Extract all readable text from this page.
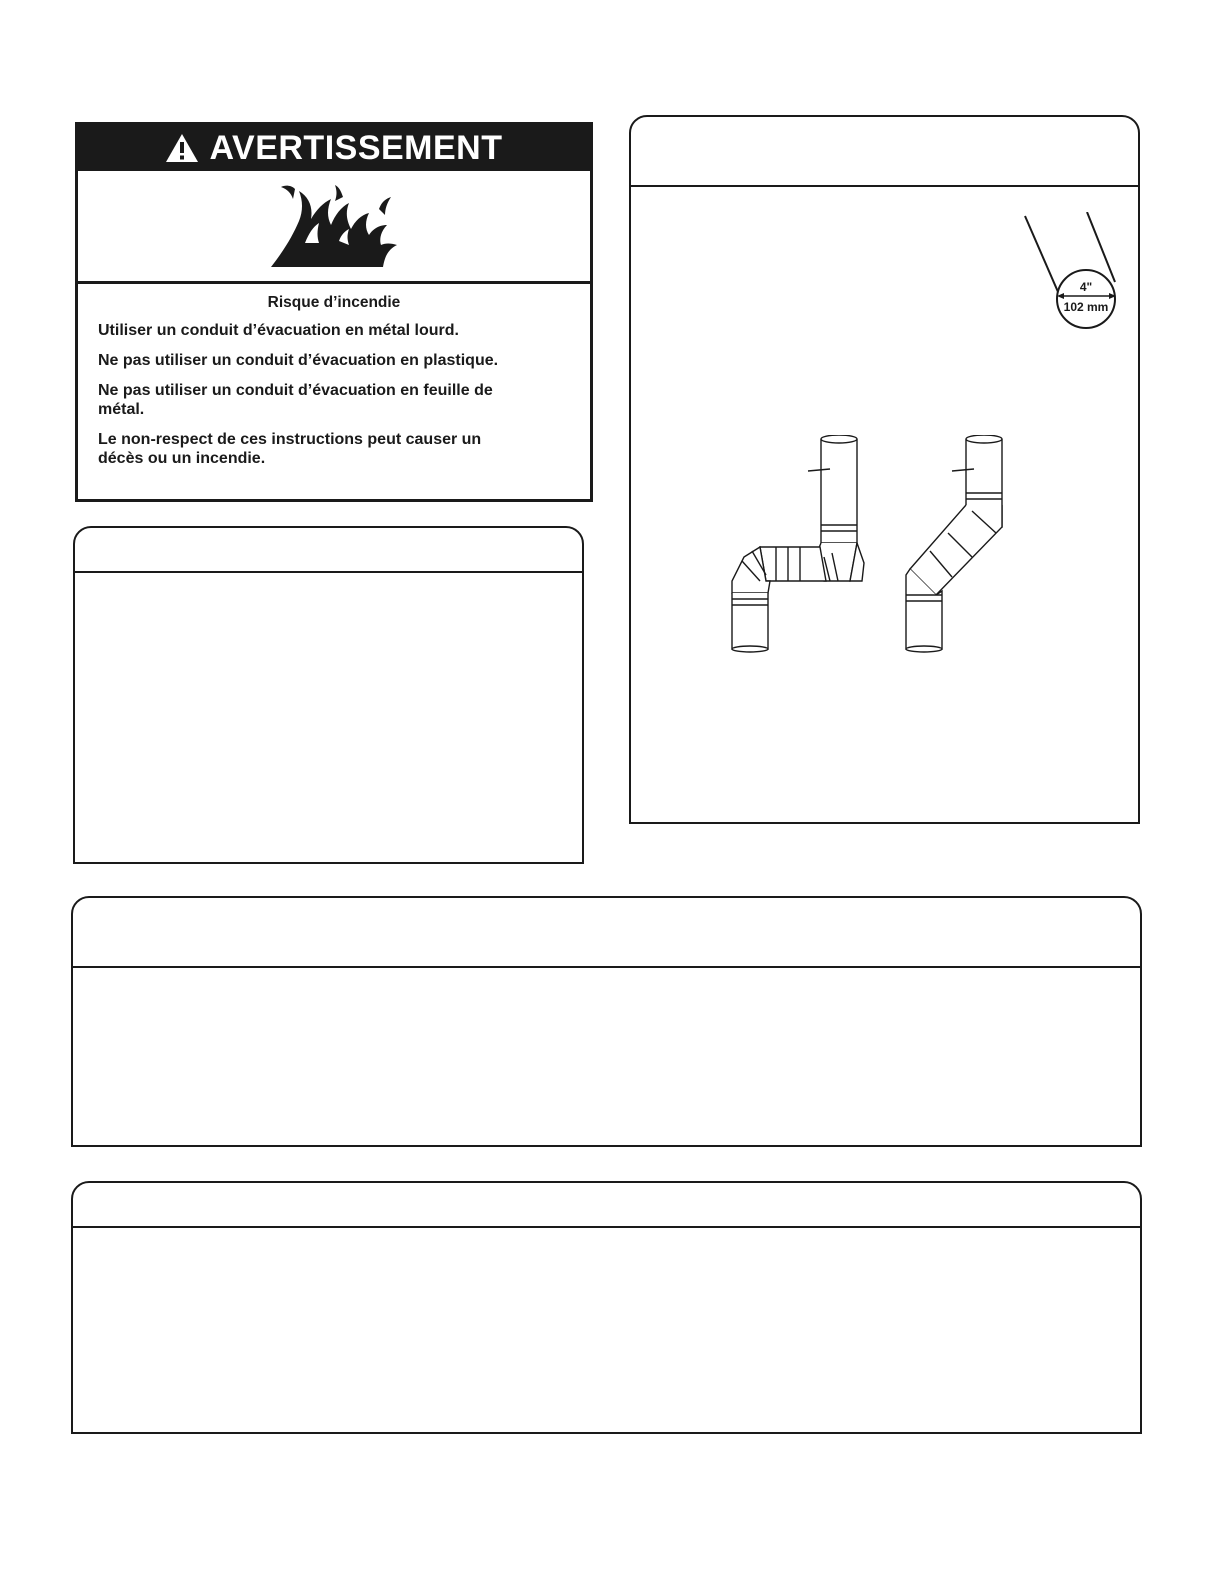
AVERTISSEMENT

Risque d’incendie

Utiliser un conduit d’évacuation en métal lourd.

Ne pas utiliser un conduit d’évacuation en plastique.

Ne pas utiliser un conduit d’évacuation en feuille de métal.

Le non-respect de ces instructions peut causer un décès ou un incendie.

4"
102 mm
